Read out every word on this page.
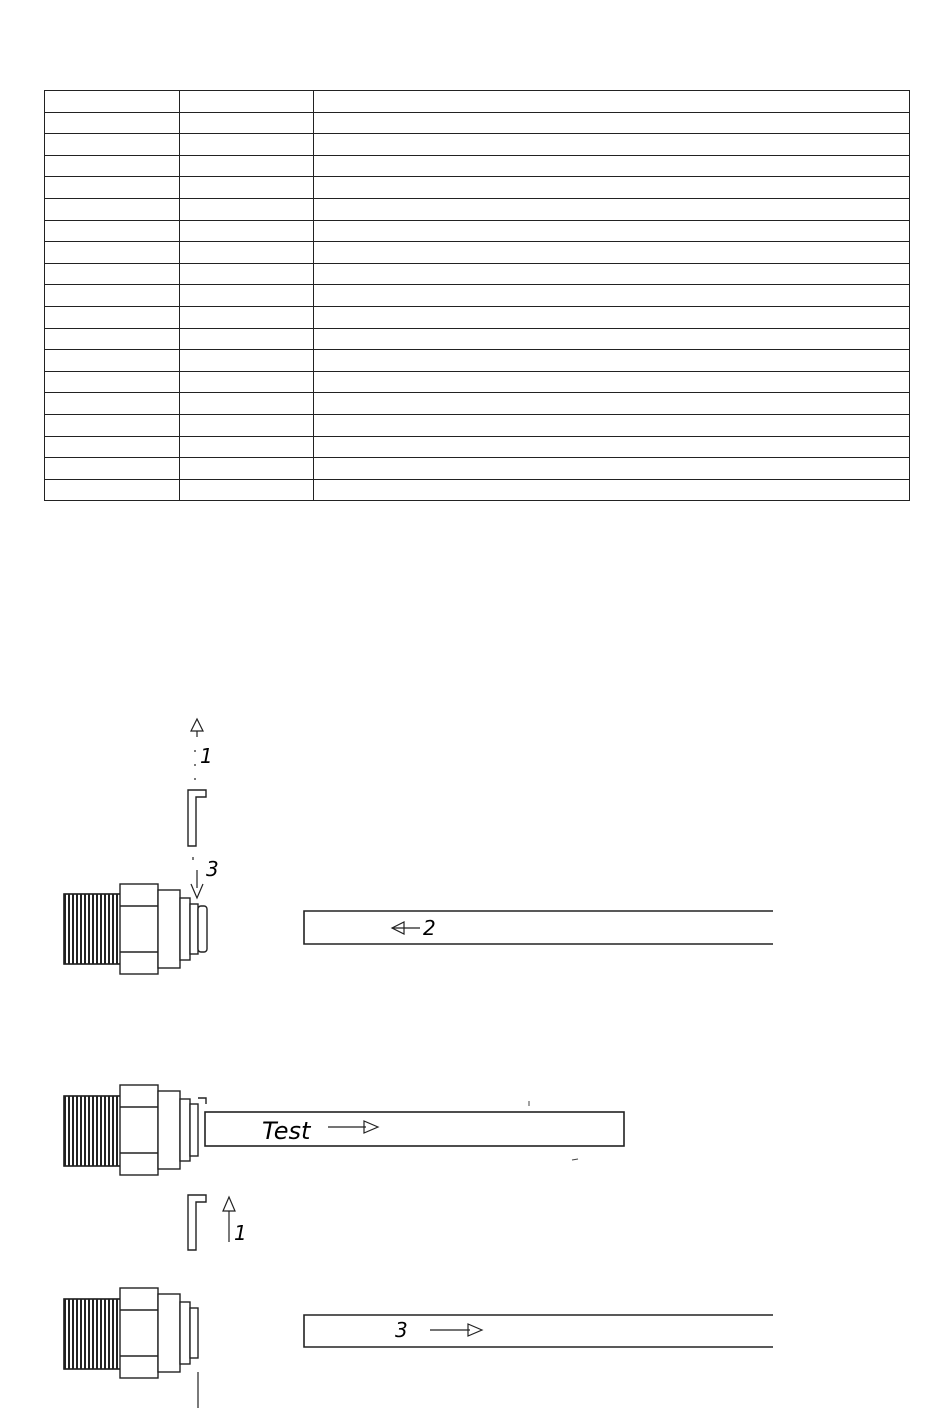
1
3
2
Test
1
3
